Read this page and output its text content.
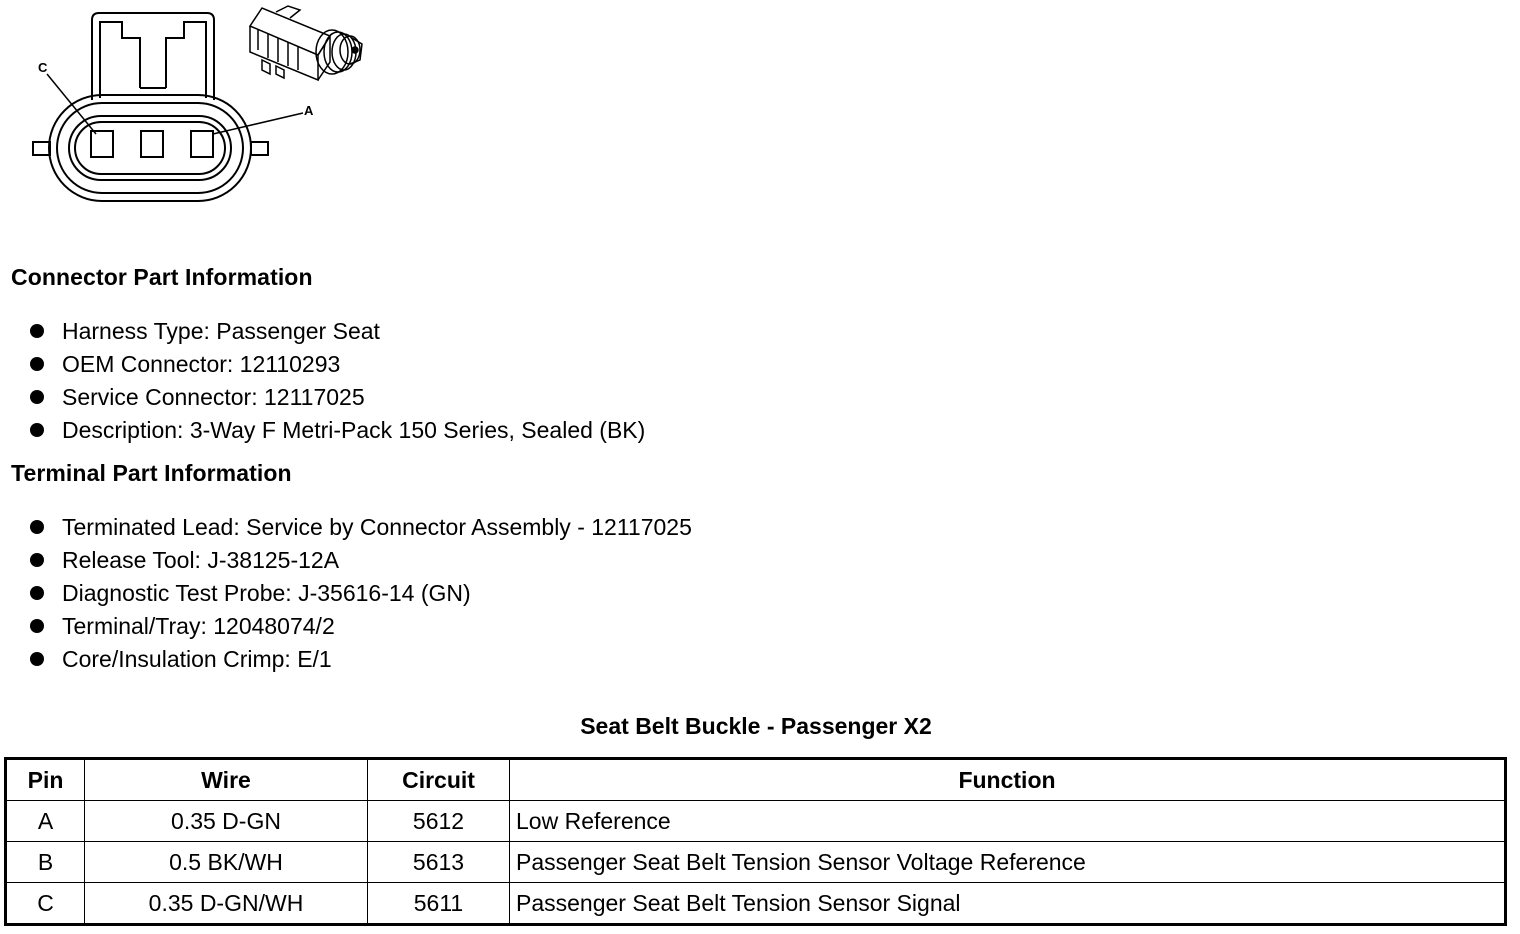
C
A
Connector Part Information
Harness Type: Passenger Seat
OEM Connector: 12110293
Service Connector: 12117025
Description: 3-Way F Metri-Pack 150 Series, Sealed (BK)
Terminal Part Information
Terminated Lead: Service by Connector Assembly - 12117025
Release Tool: J-38125-12A
Diagnostic Test Probe: J-35616-14 (GN)
Terminal/Tray: 12048074/2
Core/Insulation Crimp: E/1
Seat Belt Buckle - Passenger X2
Pin	Wire	Circuit	Function
A	0.35 D-GN	5612	Low Reference
B	0.5 BK/WH	5613	Passenger Seat Belt Tension Sensor Voltage Reference
C	0.35 D-GN/WH	5611	Passenger Seat Belt Tension Sensor Signal
